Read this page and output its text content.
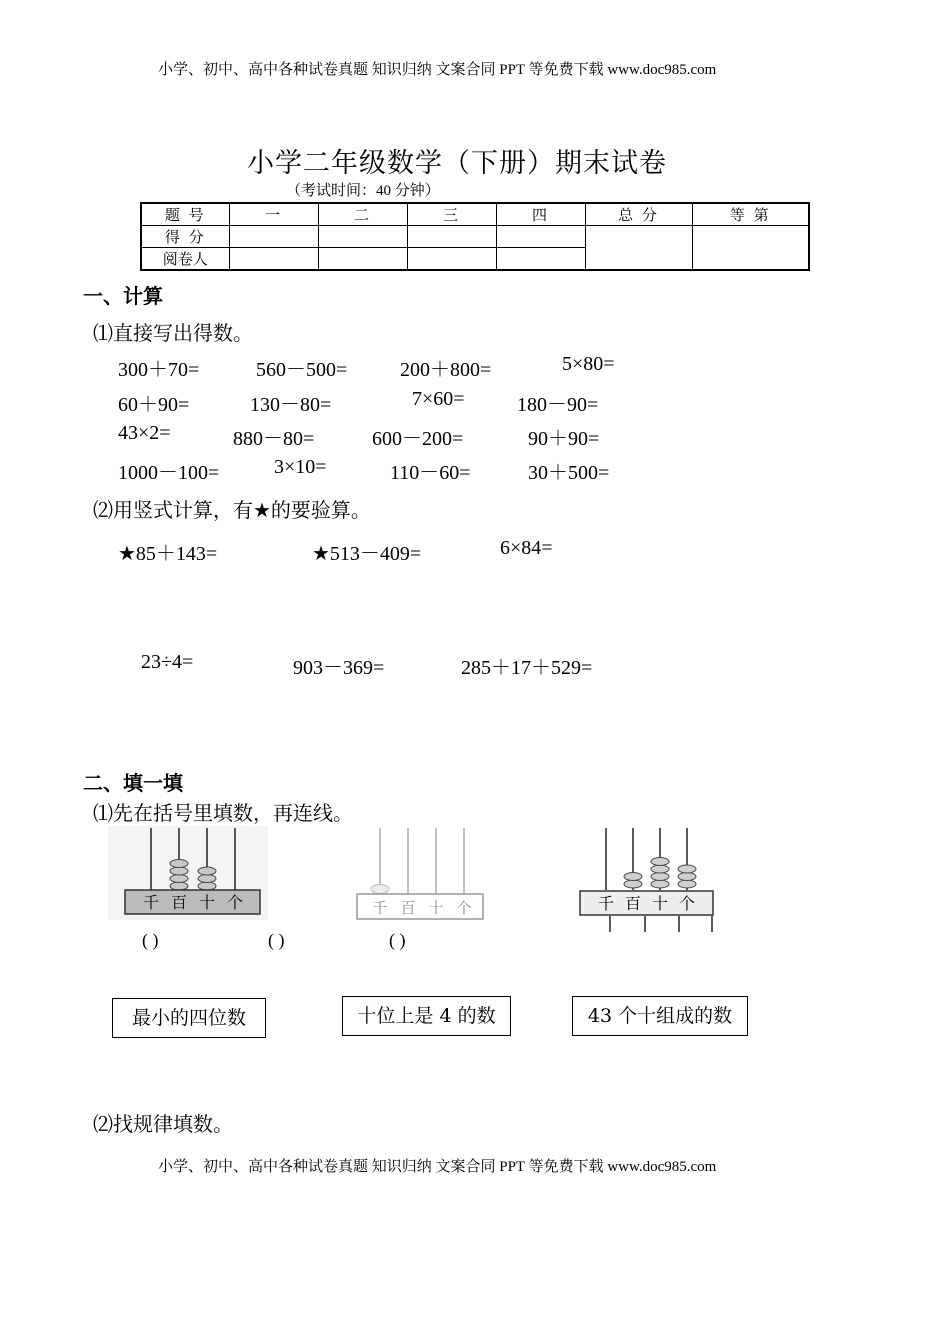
小学、初中、高中各种试卷真题 知识归纳 文案合同 PPT 等免费下载 www.doc985.com
小学二年级数学（下册）期末试卷
（考试时间：40 分钟）
题 号	一	二	三	四	总 分	等 第
得 分						
阅卷人						
一、计算
⑴直接写出得数。
300＋70=	560－500=	200＋800=	5×80=
60＋90=	130－80=	7×60=	180－90=
43×2=	880－80=	600－200=	90＋90=
1000－100=	3×10=	110－60=	30＋500=
⑵用竖式计算，有★的要验算。
★85＋143=	★513－409=	6×84=
23÷4=	903－369=	285＋17＋529=
二、填一填
⑴先在括号里填数，再连线。
千 百 十 个	千 百 十 个	千 百 十 个
( )	( )	( )
最小的四位数	十位上是 4 的数	43 个十组成的数
⑵找规律填数。
小学、初中、高中各种试卷真题 知识归纳 文案合同 PPT 等免费下载 www.doc985.com
